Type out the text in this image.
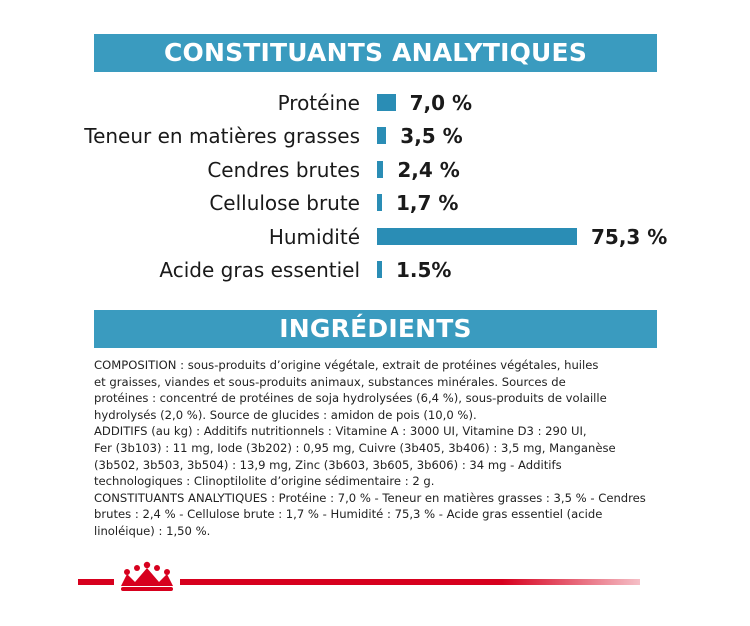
CONSTITUANTS ANALYTIQUES
Protéine 7,0 %
Teneur en matières grasses 3,5 %
Cendres brutes 2,4 %
Cellulose brute 1,7 %
Humidité	75,3 %
Acide gras essentiel 1.5%
INGRÉDIENTS

COMPOSITION : sous-produits d’origine végétale, extrait de protéines végétales, huiles

et graisses, viandes et sous-produits animaux, substances minérales. Sources de

protéines : concentré de protéines de soja hydrolysées (6,4 %), sous-produits de volaille

hydrolysés (2,0 %). Source de glucides : amidon de pois (10,0 %).

ADDITIFS (au kg) : Additifs nutritionnels : Vitamine A : 3000 UI, Vitamine D3 : 290 UI,

Fer (3b103) : 11 mg, Iode (3b202) : 0,95 mg, Cuivre (3b405, 3b406) : 3,5 mg, Manganèse

(3b502, 3b503, 3b504) : 13,9 mg, Zinc (3b603, 3b605, 3b606) : 34 mg - Additifs

technologiques : Clinoptilolite d’origine sédimentaire : 2 g.

CONSTITUANTS ANALYTIQUES : Protéine : 7,0 % - Teneur en matières grasses : 3,5 % - Cendres

brutes : 2,4 % - Cellulose brute : 1,7 % - Humidité : 75,3 % - Acide gras essentiel (acide

linoléique) : 1,50 %.
